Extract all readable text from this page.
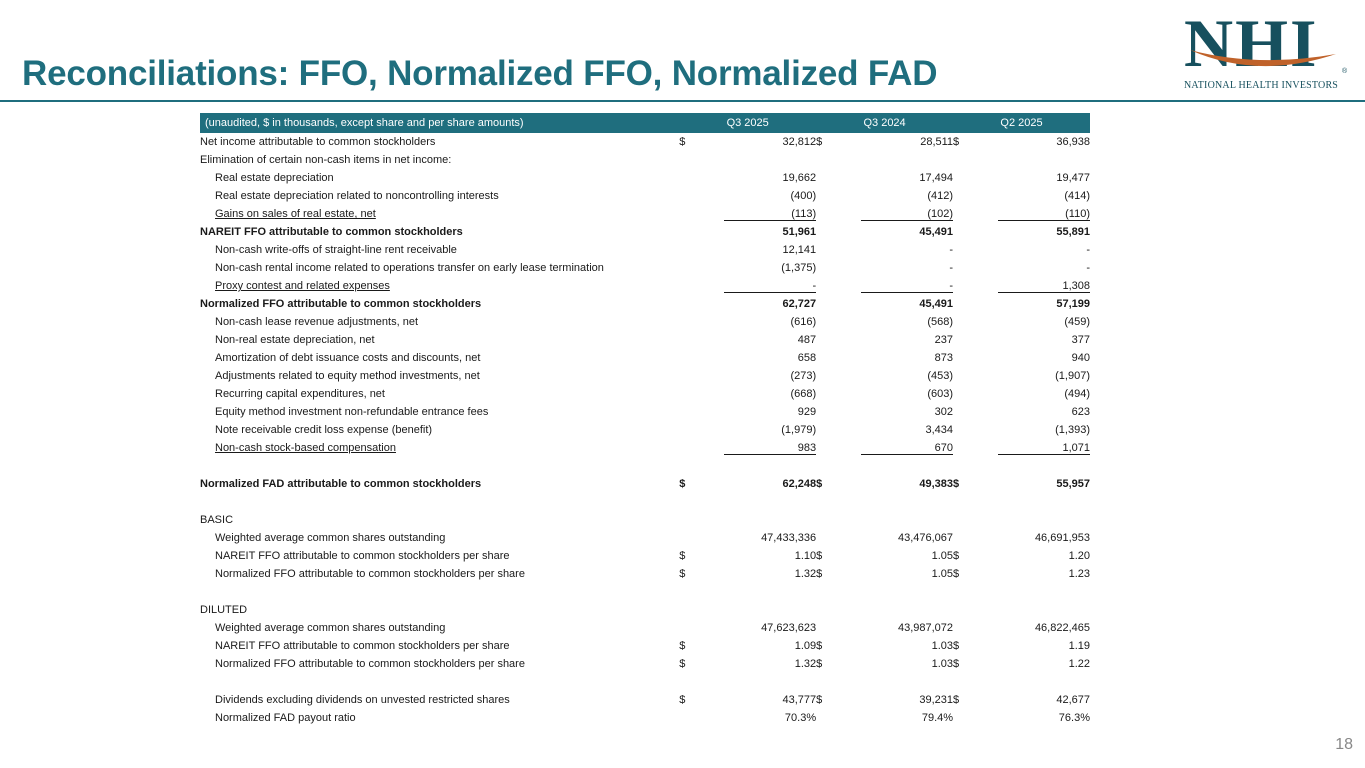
Reconciliations: FFO, Normalized FFO, Normalized FAD	NHI	®
NATIONAL HEALTH INVESTORS
(unaudited, $ in thousands, except share and per share amounts)	Q3 2025		Q3 2024		Q2 2025	
Net income attributable to common stockholders	$	32,812	$	28,511	$	36,938
Elimination of certain non-cash items in net income:						
Real estate depreciation		19,662		17,494		19,477
Real estate depreciation related to noncontrolling interests		(400)		(412)		(414)
Gains on sales of real estate, net		(113)		(102)		(110)
NAREIT FFO attributable to common stockholders		51,961		45,491		55,891
Non-cash write-offs of straight-line rent receivable		12,141		-		-
Non-cash rental income related to operations transfer on early lease termination		(1,375)		-		-
Proxy contest and related expenses		-		-		1,308
Normalized FFO attributable to common stockholders		62,727		45,491		57,199
Non-cash lease revenue adjustments, net		(616)		(568)		(459)
Non-real estate depreciation, net		487		237		377
Amortization of debt issuance costs and discounts, net		658		873		940
Adjustments related to equity method investments, net		(273)		(453)		(1,907)
Recurring capital expenditures, net		(668)		(603)		(494)
Equity method investment non-refundable entrance fees		929		302		623
Note receivable credit loss expense (benefit)		(1,979)		3,434		(1,393)
Non-cash stock-based compensation		983		670		1,071

Normalized FAD attributable to common stockholders	$	62,248	$	49,383	$	55,957

BASIC						
Weighted average common shares outstanding		47,433,336		43,476,067		46,691,953
NAREIT FFO attributable to common stockholders per share	$	1.10	$	1.05	$	1.20
Normalized FFO attributable to common stockholders per share	$	1.32	$	1.05	$	1.23

DILUTED						
Weighted average common shares outstanding		47,623,623		43,987,072		46,822,465
NAREIT FFO attributable to common stockholders per share	$	1.09	$	1.03	$	1.19
Normalized FFO attributable to common stockholders per share	$	1.32	$	1.03	$	1.22

Dividends excluding dividends on unvested restricted shares	$	43,777	$	39,231	$	42,677
Normalized FAD payout ratio		70.3%		79.4%		76.3%
18
